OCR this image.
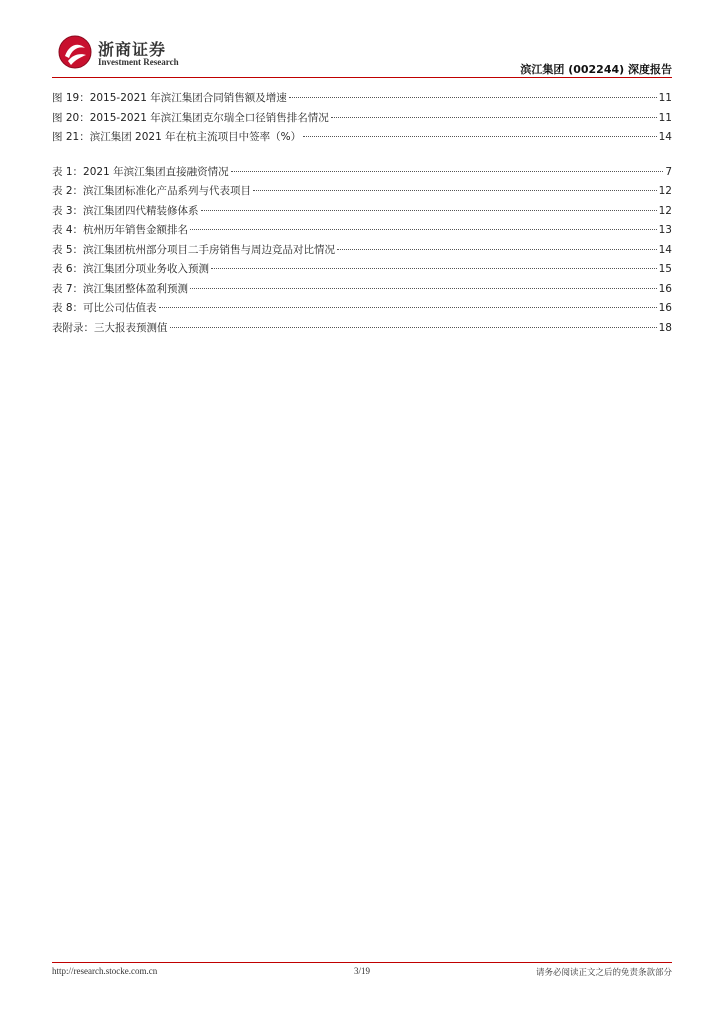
浙商证券
Investment Research
滨江集团 (002244) 深度报告
图 19：2015-2021 年滨江集团合同销售额及增速	11
图 20：2015-2021 年滨江集团克尔瑞全口径销售排名情况	11
图 21：滨江集团 2021 年在杭主流项目中签率（%）	14
表 1：2021 年滨江集团直接融资情况	7
表 2：滨江集团标准化产品系列与代表项目	12
表 3：滨江集团四代精装修体系	12
表 4：杭州历年销售金额排名	13
表 5：滨江集团杭州部分项目二手房销售与周边竞品对比情况	14
表 6：滨江集团分项业务收入预测	15
表 7：滨江集团整体盈利预测	16
表 8：可比公司估值表	16
表附录：三大报表预测值	18
http://research.stocke.com.cn	3/19	请务必阅读正文之后的免责条款部分
